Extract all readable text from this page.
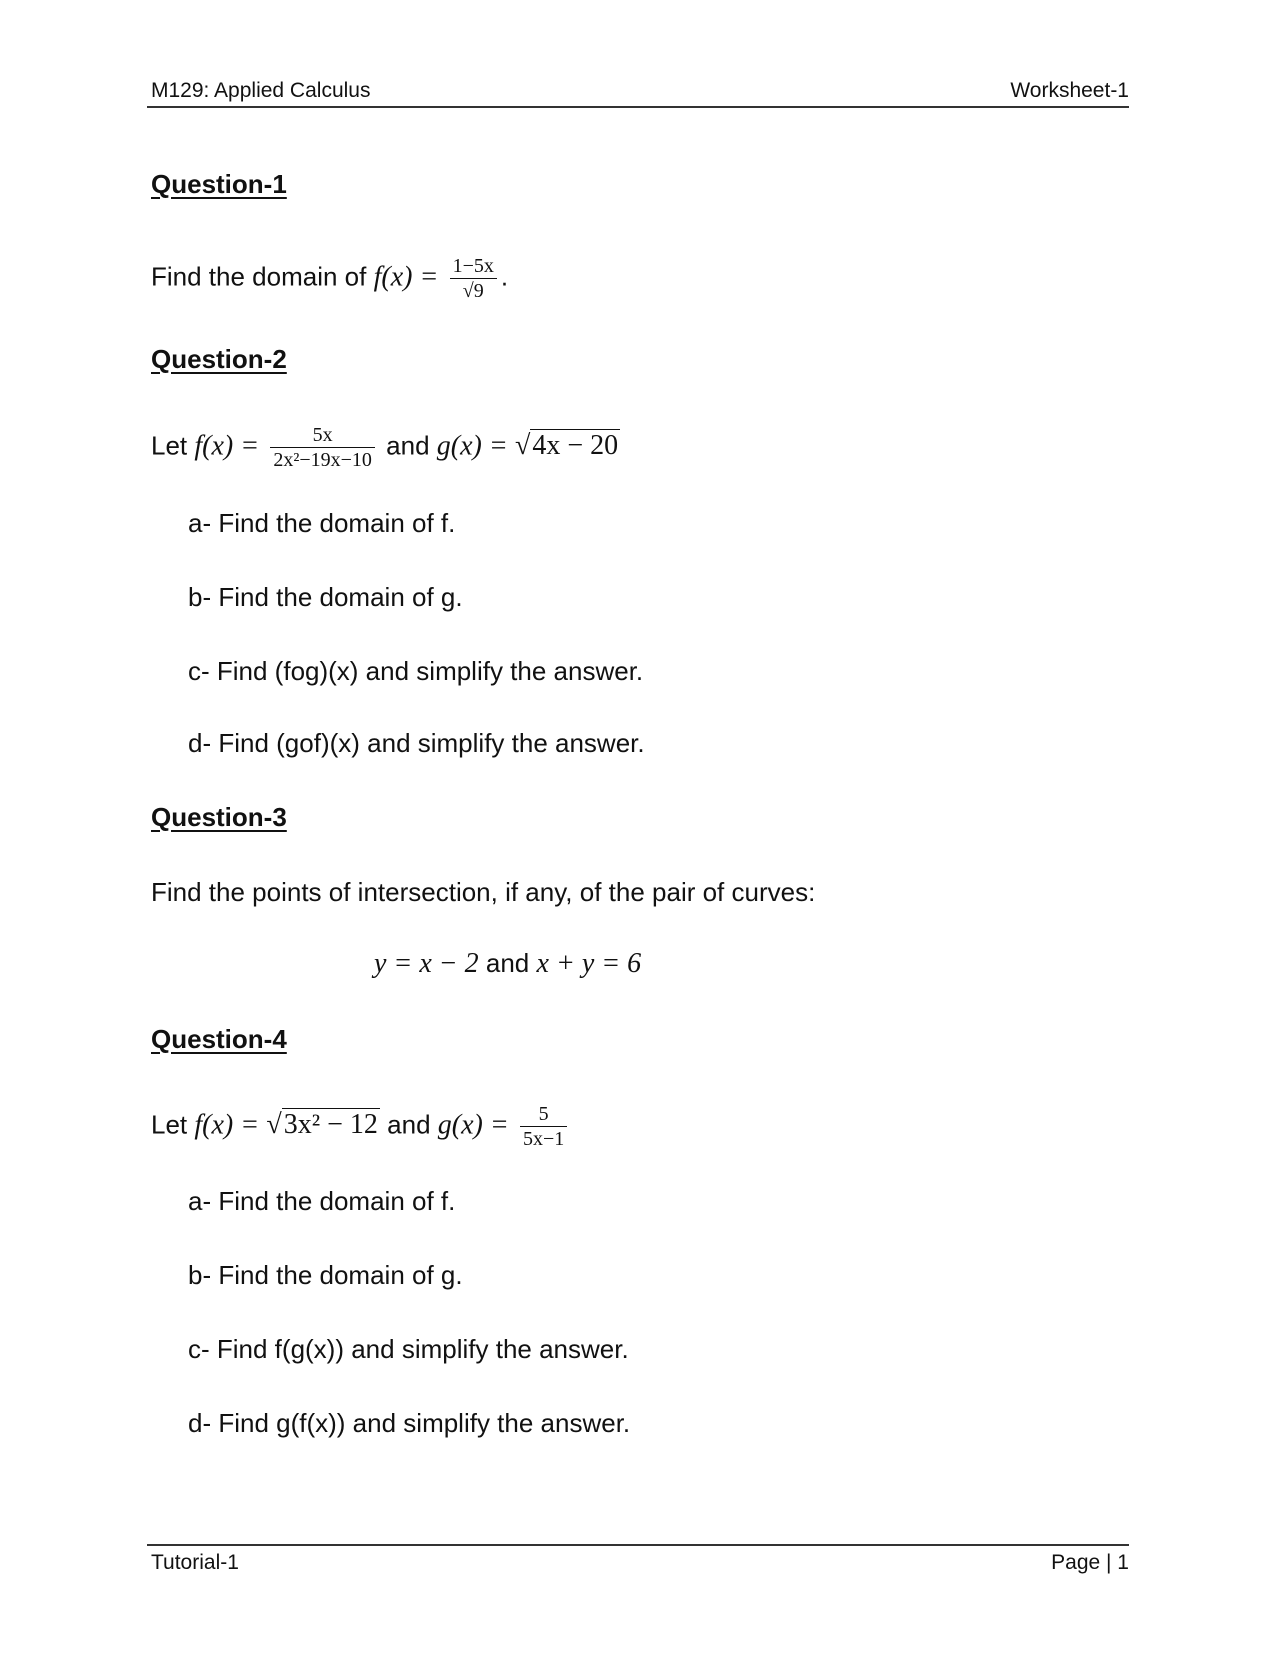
M129: Applied Calculus	Worksheet-1
Question-1
Find the domain of $f(x) = \frac{1-5x}{√9}$ .
Question-2
Let $f(x) = \frac{5x}{\text{2x²−19x−10}}$ and g(x) = √4x − 20
a- Find the domain of f.
b- Find the domain of g.
c- Find (fog)(x) and simplify the answer.
d- Find (gof)(x) and simplify the answer.
Question-3
Find the points of intersection, if any, of the pair of curves:
y = x − 2 and x + y = 6
Question-4
Let f(x) = √3x² − 12 and $g(x) = \frac{5}{5x-1}$
a- Find the domain of f.
b- Find the domain of g.
c- Find f(g(x)) and simplify the answer.
d- Find g(f(x)) and simplify the answer.
Tutorial-1	Page | 1
